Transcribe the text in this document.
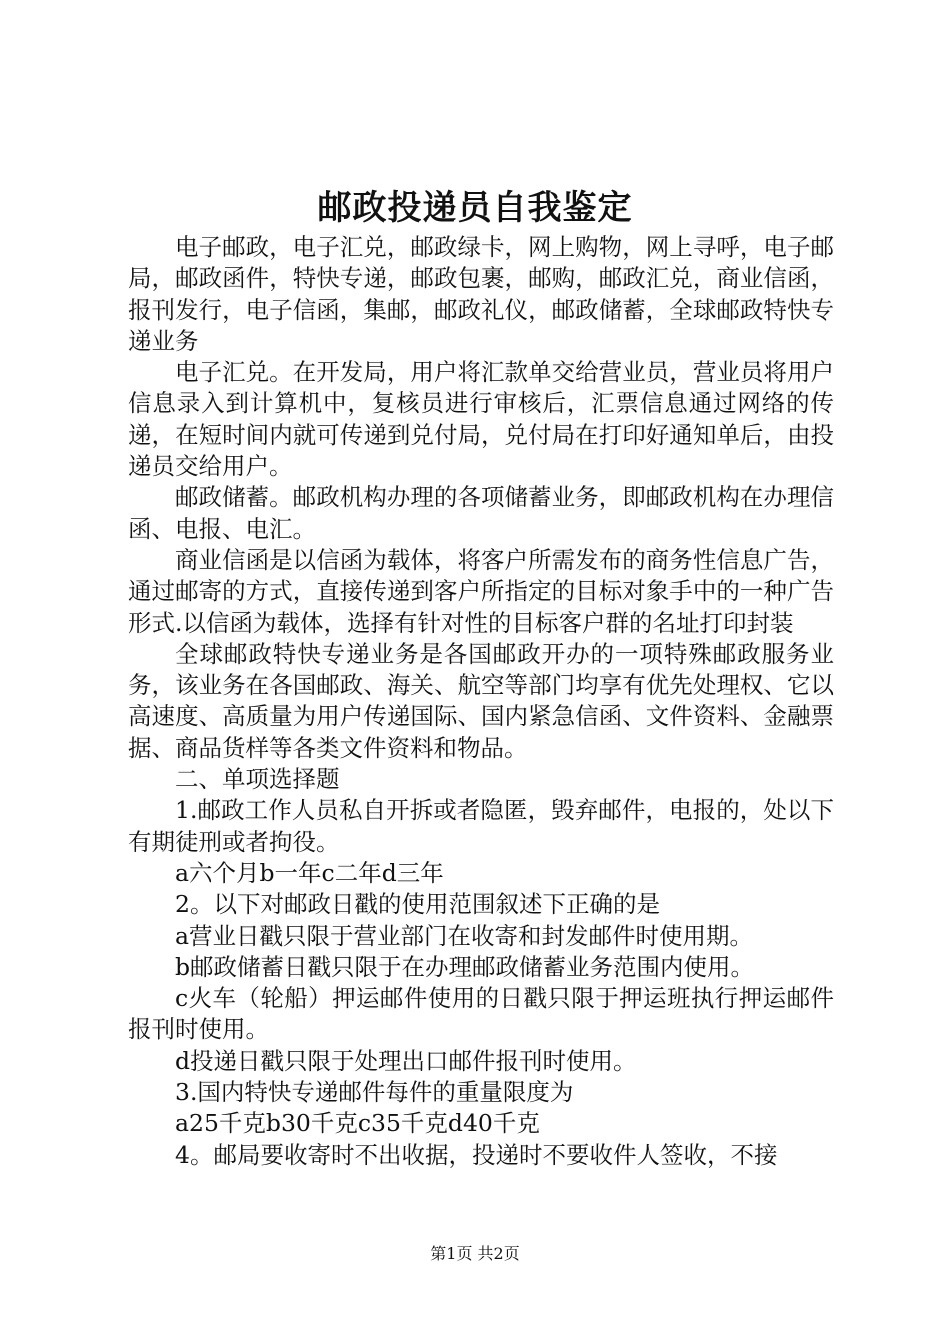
邮政投递员自我鉴定

电子邮政，电子汇兑，邮政绿卡，网上购物，网上寻呼，电子邮局，邮政函件，特快专递，邮政包裹，邮购，邮政汇兑，商业信函，报刊发行，电子信函，集邮，邮政礼仪，邮政储蓄，全球邮政特快专递业务

电子汇兑。在开发局，用户将汇款单交给营业员，营业员将用户信息录入到计算机中，复核员进行审核后，汇票信息通过网络的传递，在短时间内就可传递到兑付局，兑付局在打印好通知单后，由投递员交给用户。

邮政储蓄。邮政机构办理的各项储蓄业务，即邮政机构在办理信函、电报、电汇。

商业信函是以信函为载体，将客户所需发布的商务性信息广告，通过邮寄的方式，直接传递到客户所指定的目标对象手中的一种广告形式.以信函为载体，选择有针对性的目标客户群的名址打印封装

全球邮政特快专递业务是各国邮政开办的一项特殊邮政服务业务，该业务在各国邮政、海关、航空等部门均享有优先处理权、它以高速度、高质量为用户传递国际、国内紧急信函、文件资料、金融票据、商品货样等各类文件资料和物品。

二、单项选择题

1.邮政工作人员私自开拆或者隐匿，毁弃邮件，电报的，处以下有期徒刑或者拘役。

a六个月b一年c二年d三年

2。以下对邮政日戳的使用范围叙述下正确的是

a营业日戳只限于营业部门在收寄和封发邮件时使用期。

b邮政储蓄日戳只限于在办理邮政储蓄业务范围内使用。

c火车（轮船）押运邮件使用的日戳只限于押运班执行押运邮件报刊时使用。

d投递日戳只限于处理出口邮件报刊时使用。

3.国内特快专递邮件每件的重量限度为

a25千克b30千克c35千克d40千克

4。邮局要收寄时不出收据，投递时不要收件人签收，不接

第1页 共2页
